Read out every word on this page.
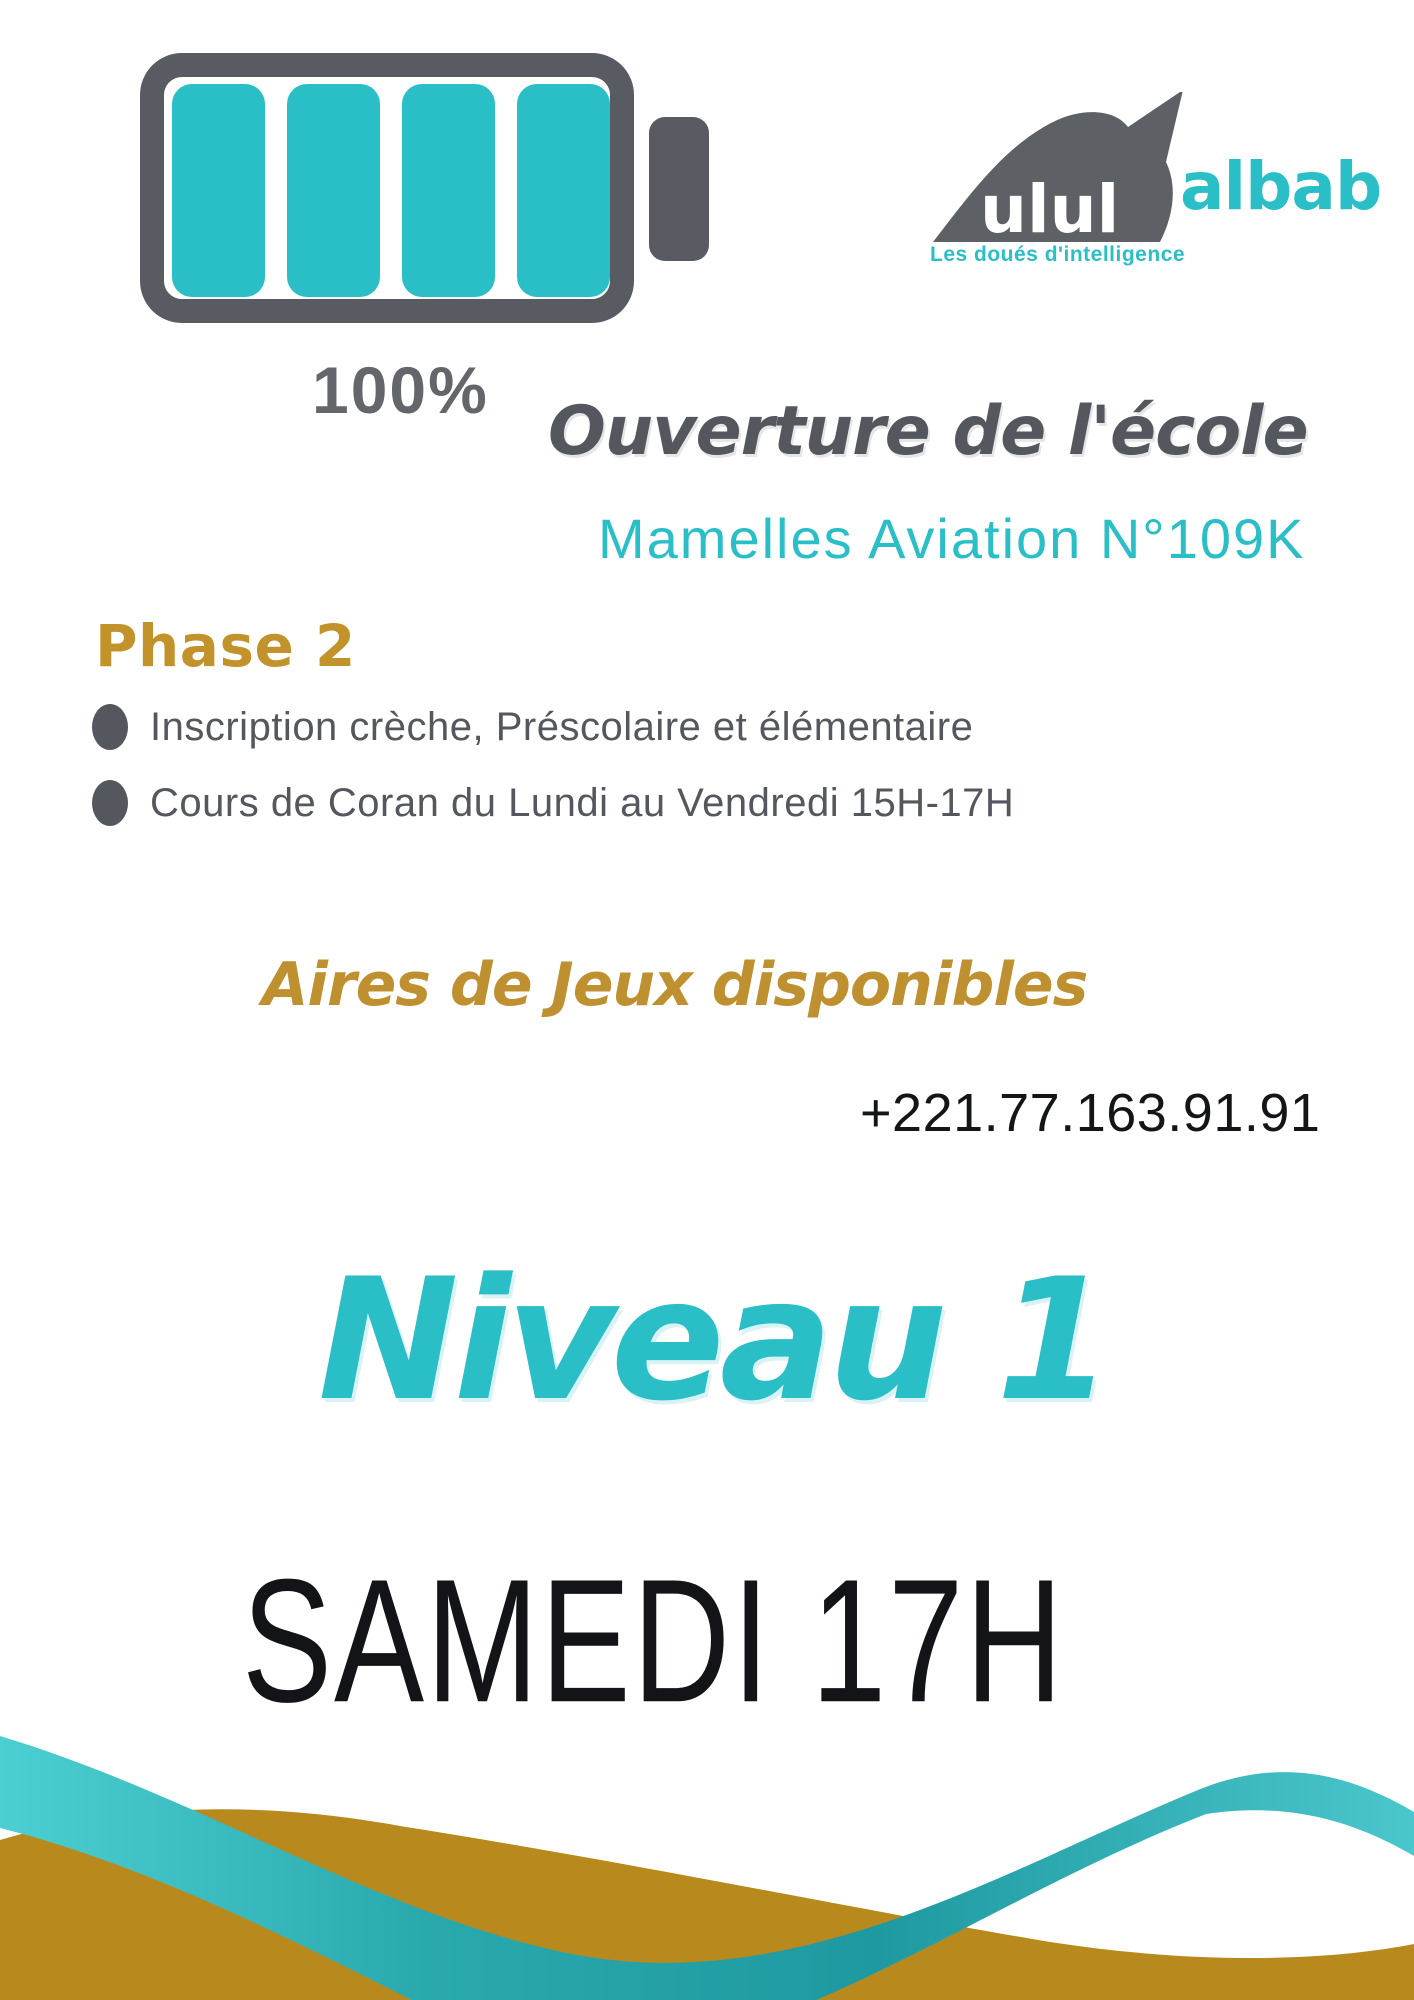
100%
ulul albab
Les doués d'intelligence
Ouverture de l'école
Mamelles Aviation N°109K
Phase 2
Inscription crèche, Préscolaire et élémentaire
Cours de Coran du Lundi au Vendredi 15H-17H
Aires de Jeux disponibles
+221.77.163.91.91
Niveau 1
SAMEDI 17H
